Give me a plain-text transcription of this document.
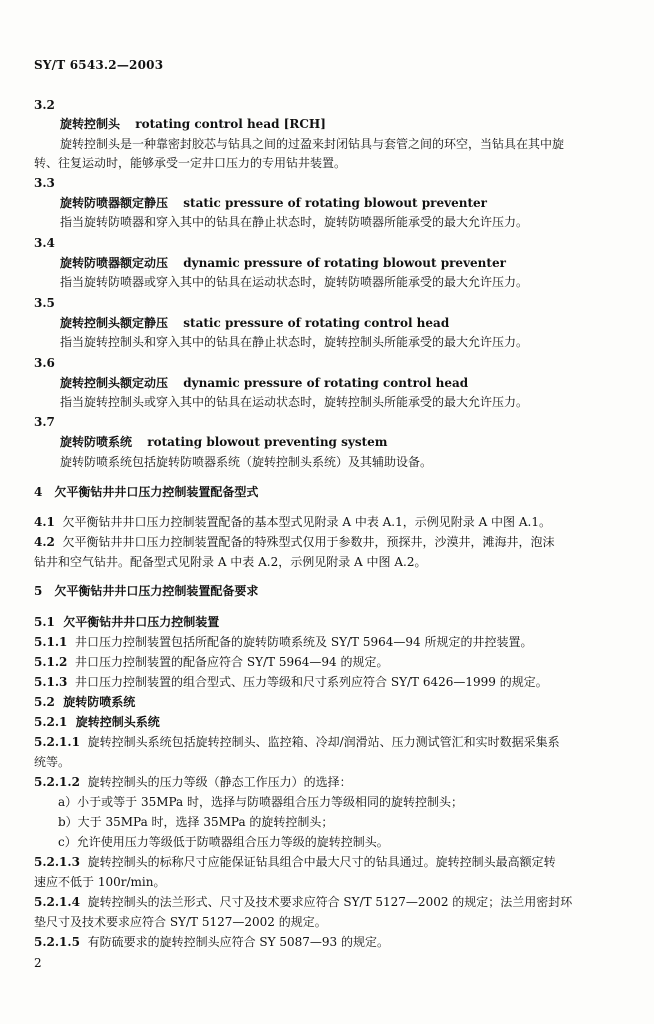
SY/T 6543.2—2003
3.2
旋转控制头 rotating control head [RCH]
旋转控制头是一种靠密封胶芯与钻具之间的过盈来封闭钻具与套管之间的环空，当钻具在其中旋
转、往复运动时，能够承受一定井口压力的专用钻井装置。
3.3
旋转防喷器额定静压 static pressure of rotating blowout preventer
指当旋转防喷器和穿入其中的钻具在静止状态时，旋转防喷器所能承受的最大允许压力。
3.4
旋转防喷器额定动压 dynamic pressure of rotating blowout preventer
指当旋转防喷器或穿入其中的钻具在运动状态时，旋转防喷器所能承受的最大允许压力。
3.5
旋转控制头额定静压 static pressure of rotating control head
指当旋转控制头和穿入其中的钻具在静止状态时，旋转控制头所能承受的最大允许压力。
3.6
旋转控制头额定动压 dynamic pressure of rotating control head
指当旋转控制头或穿入其中的钻具在运动状态时，旋转控制头所能承受的最大允许压力。
3.7
旋转防喷系统 rotating blowout preventing system
旋转防喷系统包括旋转防喷器系统（旋转控制头系统）及其辅助设备。
4　欠平衡钻井井口压力控制装置配备型式
4.1 欠平衡钻井井口压力控制装置配备的基本型式见附录 A 中表 A.1，示例见附录 A 中图 A.1。
4.2 欠平衡钻井井口压力控制装置配备的特殊型式仅用于参数井，预探井，沙漠井，滩海井，泡沫
钻井和空气钻井。配备型式见附录 A 中表 A.2，示例见附录 A 中图 A.2。
5　欠平衡钻井井口压力控制装置配备要求
5.1 欠平衡钻井井口压力控制装置
5.1.1 井口压力控制装置包括所配备的旋转防喷系统及 SY/T 5964—94 所规定的井控装置。
5.1.2 井口压力控制装置的配备应符合 SY/T 5964—94 的规定。
5.1.3 井口压力控制装置的组合型式、压力等级和尺寸系列应符合 SY/T 6426—1999 的规定。
5.2 旋转防喷系统
5.2.1 旋转控制头系统
5.2.1.1 旋转控制头系统包括旋转控制头、监控箱、冷却/润滑站、压力测试管汇和实时数据采集系
统等。
5.2.1.2 旋转控制头的压力等级（静态工作压力）的选择：
a）小于或等于 35MPa 时，选择与防喷器组合压力等级相同的旋转控制头；
b）大于 35MPa 时，选择 35MPa 的旋转控制头；
c）允许使用压力等级低于防喷器组合压力等级的旋转控制头。
5.2.1.3 旋转控制头的标称尺寸应能保证钻具组合中最大尺寸的钻具通过。旋转控制头最高额定转
速应不低于 100r/min。
5.2.1.4 旋转控制头的法兰形式、尺寸及技术要求应符合 SY/T 5127—2002 的规定；法兰用密封环
垫尺寸及技术要求应符合 SY/T 5127—2002 的规定。
5.2.1.5 有防硫要求的旋转控制头应符合 SY 5087—93 的规定。
2
